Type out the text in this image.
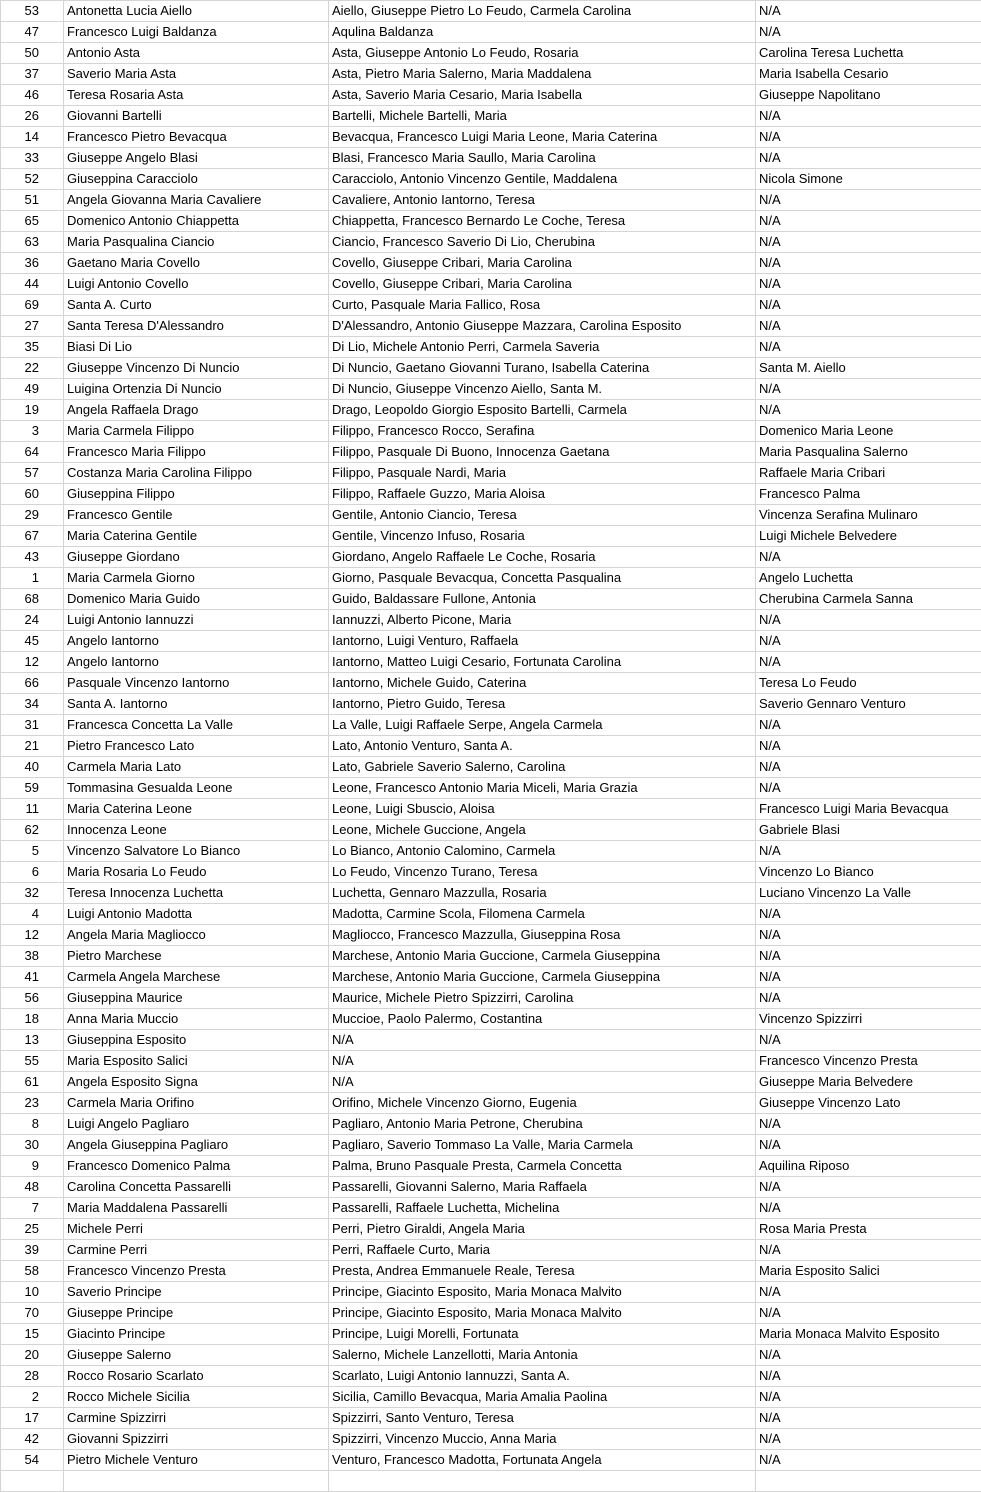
53	Antonetta Lucia Aiello	Aiello, Giuseppe Pietro Lo Feudo, Carmela Carolina	N/A
47	Francesco Luigi Baldanza	Aqulina Baldanza	N/A
50	Antonio Asta	Asta, Giuseppe Antonio Lo Feudo, Rosaria	Carolina Teresa Luchetta
37	Saverio Maria Asta	Asta, Pietro Maria Salerno, Maria Maddalena	Maria Isabella Cesario
46	Teresa Rosaria Asta	Asta, Saverio Maria Cesario, Maria Isabella	Giuseppe Napolitano
26	Giovanni Bartelli	Bartelli, Michele Bartelli, Maria	N/A
14	Francesco Pietro Bevacqua	Bevacqua, Francesco Luigi Maria Leone, Maria Caterina	N/A
33	Giuseppe Angelo Blasi	Blasi, Francesco Maria Saullo, Maria Carolina	N/A
52	Giuseppina Caracciolo	Caracciolo, Antonio Vincenzo Gentile, Maddalena	Nicola Simone
51	Angela Giovanna Maria Cavaliere	Cavaliere, Antonio Iantorno, Teresa	N/A
65	Domenico Antonio Chiappetta	Chiappetta, Francesco Bernardo Le Coche, Teresa	N/A
63	Maria Pasqualina Ciancio	Ciancio, Francesco Saverio Di Lio, Cherubina	N/A
36	Gaetano Maria Covello	Covello, Giuseppe Cribari, Maria Carolina	N/A
44	Luigi Antonio Covello	Covello, Giuseppe Cribari, Maria Carolina	N/A
69	Santa A. Curto	Curto, Pasquale Maria Fallico, Rosa	N/A
27	Santa Teresa D'Alessandro	D'Alessandro, Antonio Giuseppe Mazzara, Carolina Esposito	N/A
35	Biasi Di Lio	Di Lio, Michele Antonio Perri, Carmela Saveria	N/A
22	Giuseppe Vincenzo Di Nuncio	Di Nuncio, Gaetano Giovanni Turano, Isabella Caterina	Santa M. Aiello
49	Luigina Ortenzia Di Nuncio	Di Nuncio, Giuseppe Vincenzo Aiello, Santa M.	N/A
19	Angela Raffaela Drago	Drago, Leopoldo Giorgio Esposito Bartelli, Carmela	N/A
3	Maria Carmela Filippo	Filippo, Francesco Rocco, Serafina	Domenico Maria Leone
64	Francesco Maria Filippo	Filippo, Pasquale Di Buono, Innocenza Gaetana	Maria Pasqualina Salerno
57	Costanza Maria Carolina Filippo	Filippo, Pasquale Nardi, Maria	Raffaele Maria Cribari
60	Giuseppina Filippo	Filippo, Raffaele Guzzo, Maria Aloisa	Francesco Palma
29	Francesco Gentile	Gentile, Antonio Ciancio, Teresa	Vincenza Serafina Mulinaro
67	Maria Caterina Gentile	Gentile, Vincenzo Infuso, Rosaria	Luigi Michele Belvedere
43	Giuseppe Giordano	Giordano, Angelo Raffaele Le Coche, Rosaria	N/A
1	Maria Carmela Giorno	Giorno, Pasquale Bevacqua, Concetta Pasqualina	Angelo Luchetta
68	Domenico Maria Guido	Guido, Baldassare Fullone, Antonia	Cherubina Carmela Sanna
24	Luigi Antonio Iannuzzi	Iannuzzi, Alberto Picone, Maria	N/A
45	Angelo Iantorno	Iantorno, Luigi Venturo, Raffaela	N/A
12	Angelo Iantorno	Iantorno, Matteo Luigi Cesario, Fortunata Carolina	N/A
66	Pasquale Vincenzo Iantorno	Iantorno, Michele Guido, Caterina	Teresa Lo Feudo
34	Santa A. Iantorno	Iantorno, Pietro Guido, Teresa	Saverio Gennaro Venturo
31	Francesca Concetta La Valle	La Valle, Luigi Raffaele Serpe, Angela Carmela	N/A
21	Pietro Francesco Lato	Lato, Antonio Venturo, Santa A.	N/A
40	Carmela Maria Lato	Lato, Gabriele Saverio Salerno, Carolina	N/A
59	Tommasina Gesualda Leone	Leone, Francesco Antonio Maria Miceli, Maria Grazia	N/A
11	Maria Caterina Leone	Leone, Luigi Sbuscio, Aloisa	Francesco Luigi Maria Bevacqua
62	Innocenza Leone	Leone, Michele Guccione, Angela	Gabriele Blasi
5	Vincenzo Salvatore Lo Bianco	Lo Bianco, Antonio Calomino, Carmela	N/A
6	Maria Rosaria Lo Feudo	Lo Feudo, Vincenzo Turano, Teresa	Vincenzo Lo Bianco
32	Teresa Innocenza Luchetta	Luchetta, Gennaro Mazzulla, Rosaria	Luciano Vincenzo La Valle
4	Luigi Antonio Madotta	Madotta, Carmine Scola, Filomena Carmela	N/A
12	Angela Maria Magliocco	Magliocco, Francesco Mazzulla, Giuseppina Rosa	N/A
38	Pietro Marchese	Marchese, Antonio Maria Guccione, Carmela Giuseppina	N/A
41	Carmela Angela Marchese	Marchese, Antonio Maria Guccione, Carmela Giuseppina	N/A
56	Giuseppina Maurice	Maurice, Michele Pietro Spizzirri, Carolina	N/A
18	Anna Maria Muccio	Muccioe, Paolo Palermo, Costantina	Vincenzo Spizzirri
13	Giuseppina Esposito	N/A	N/A
55	Maria Esposito Salici	N/A	Francesco Vincenzo Presta
61	Angela Esposito Signa	N/A	Giuseppe Maria Belvedere
23	Carmela Maria Orifino	Orifino, Michele Vincenzo Giorno, Eugenia	Giuseppe Vincenzo Lato
8	Luigi Angelo Pagliaro	Pagliaro, Antonio Maria Petrone, Cherubina	N/A
30	Angela Giuseppina Pagliaro	Pagliaro, Saverio Tommaso La Valle, Maria Carmela	N/A
9	Francesco Domenico Palma	Palma, Bruno Pasquale Presta, Carmela Concetta	Aquilina Riposo
48	Carolina Concetta Passarelli	Passarelli, Giovanni Salerno, Maria Raffaela	N/A
7	Maria Maddalena Passarelli	Passarelli, Raffaele Luchetta, Michelina	N/A
25	Michele Perri	Perri, Pietro Giraldi, Angela Maria	Rosa Maria Presta
39	Carmine Perri	Perri, Raffaele Curto, Maria	N/A
58	Francesco Vincenzo Presta	Presta, Andrea Emmanuele Reale, Teresa	Maria Esposito Salici
10	Saverio Principe	Principe, Giacinto Esposito, Maria Monaca Malvito	N/A
70	Giuseppe Principe	Principe, Giacinto Esposito, Maria Monaca Malvito	N/A
15	Giacinto Principe	Principe, Luigi Morelli, Fortunata	Maria Monaca Malvito Esposito
20	Giuseppe Salerno	Salerno, Michele Lanzellotti, Maria Antonia	N/A
28	Rocco Rosario Scarlato	Scarlato, Luigi Antonio Iannuzzi, Santa A.	N/A
2	Rocco Michele Sicilia	Sicilia, Camillo Bevacqua, Maria Amalia Paolina	N/A
17	Carmine Spizzirri	Spizzirri, Santo Venturo, Teresa	N/A
42	Giovanni Spizzirri	Spizzirri, Vincenzo Muccio, Anna Maria	N/A
54	Pietro Michele Venturo	Venturo, Francesco Madotta, Fortunata Angela	N/A
